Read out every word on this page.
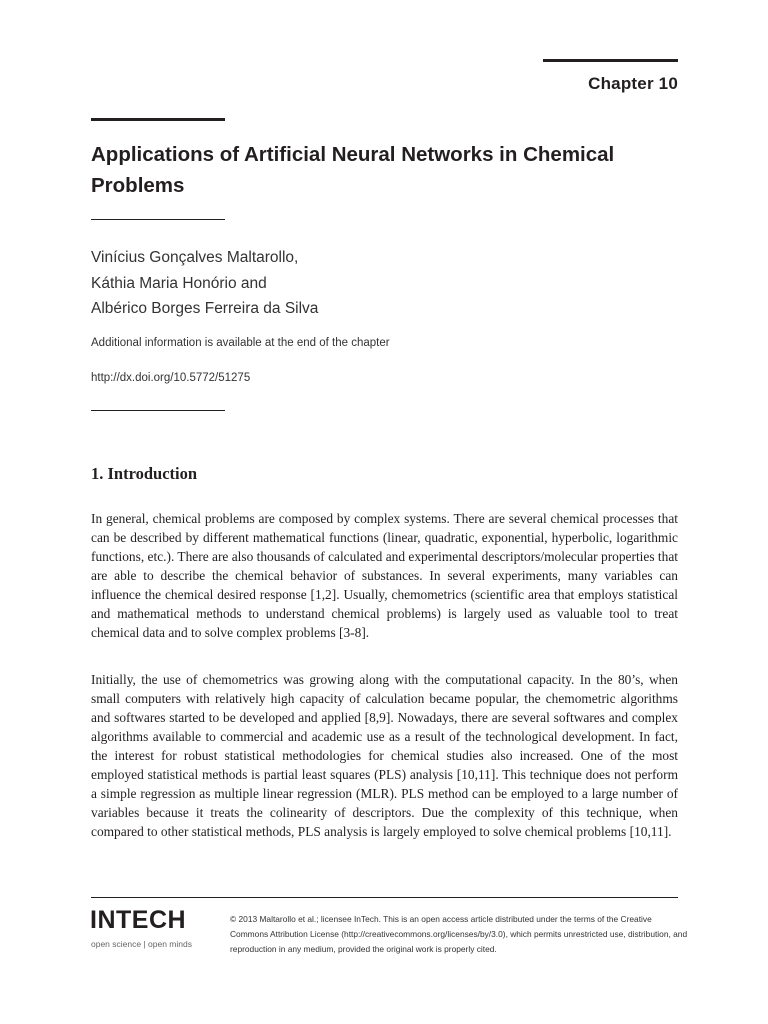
Chapter 10
Applications of Artificial Neural Networks in Chemical Problems
Vinícius Gonçalves Maltarollo,
Káthia Maria Honório and
Albérico Borges Ferreira da Silva
Additional information is available at the end of the chapter
http://dx.doi.org/10.5772/51275
1. Introduction

In general, chemical problems are composed by complex systems. There are several chemical processes that can be described by different mathematical functions (linear, quadratic, exponential, hyperbolic, logarithmic functions, etc.). There are also thousands of calculated and experimental descriptors/molecular properties that are able to describe the chemical behavior of substances. In several experiments, many variables can influence the chemical desired response [1,2]. Usually, chemometrics (scientific area that employs statistical and mathematical methods to understand chemical problems) is largely used as valuable tool to treat chemical data and to solve complex problems [3-8].

Initially, the use of chemometrics was growing along with the computational capacity. In the 80’s, when small computers with relatively high capacity of calculation became popular, the chemometric algorithms and softwares started to be developed and applied [8,9]. Nowadays, there are several softwares and complex algorithms available to commercial and academic use as a result of the technological development. In fact, the interest for robust statistical methodologies for chemical studies also increased. One of the most employed statistical methods is partial least squares (PLS) analysis [10,11]. This technique does not perform a simple regression as multiple linear regression (MLR). PLS method can be employed to a large number of variables because it treats the colinearity of descriptors. Due the complexity of this technique, when compared to other statistical methods, PLS analysis is largely employed to solve chemical problems [10,11].

INTECH
open science | open minds

© 2013 Maltarollo et al.; licensee InTech. This is an open access article distributed under the terms of the Creative Commons Attribution License (http://creativecommons.org/licenses/by/3.0), which permits unrestricted use, distribution, and reproduction in any medium, provided the original work is properly cited.
